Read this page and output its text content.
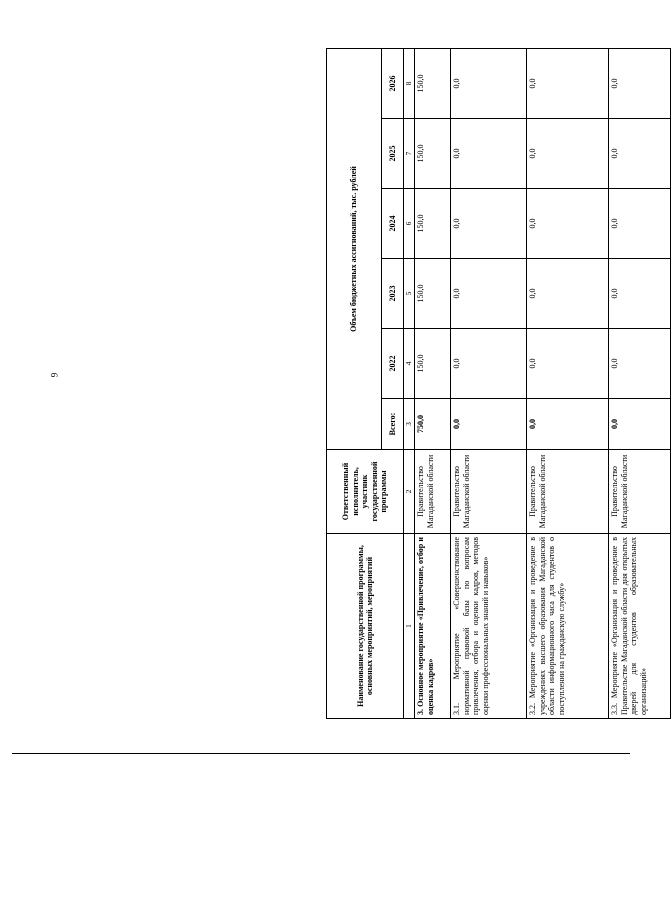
9
Наименование государственной программы, основных мероприятий, мероприятий	Ответственный исполнитель, участник государственной программы	Объем бюджетных ассигнований, тыс. рублей					
		Всего:	2022	2023	2024	2025	2026
1	2	3	4	5	6	7	8
3. Основное мероприятие «Привлечение, отбор и оценка кадров»	Правительство Магаданской области	750,0	150,0	150,0	150,0	150,0	150,0
3.1. Мероприятие «Совершенствование нормативной правовой базы по вопросам привлечения, отбора и оценки кадров, методов оценки профессиональных знаний и навыков»	Правительство Магаданской области	0,0	0,0	0,0	0,0	0,0	0,0
3.2. Мероприятие «Организация и проведение в учреждениях высшего образования Магаданской области информационного часа для студентов о поступлении на гражданскую службу»	Правительство Магаданской области	0,0	0,0	0,0	0,0	0,0	0,0
3.3. Мероприятие «Организация и проведение в Правительстве Магаданской области дня открытых дверей для студентов образовательных организаций»	Правительство Магаданской области	0,0	0,0	0,0	0,0	0,0	0,0
